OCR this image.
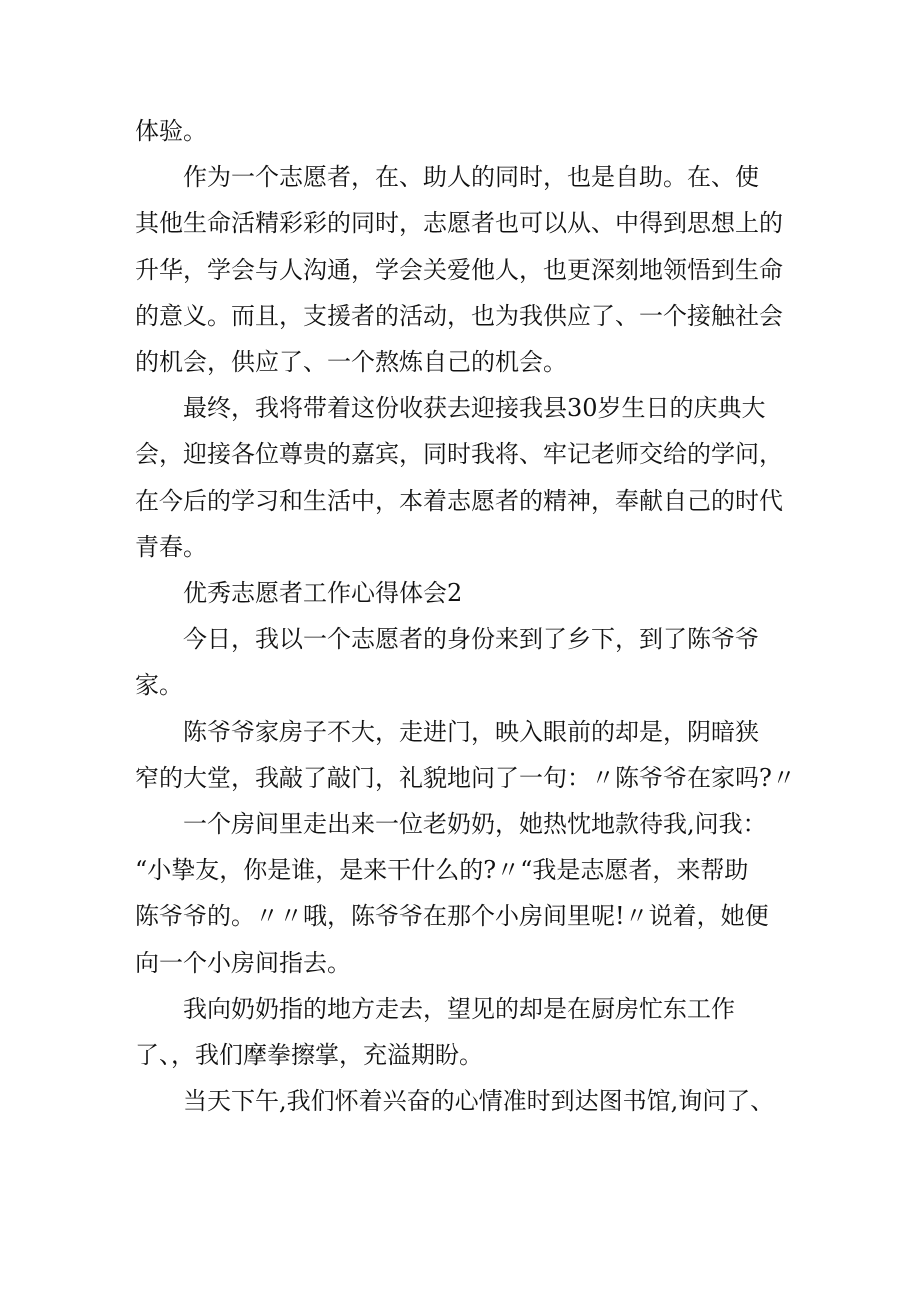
体验。

作为一个志愿者，在、助人的同时，也是自助。在、使
其他生命活精彩彩的同时，志愿者也可以从、中得到思想上的
升华，学会与人沟通，学会关爱他人，也更深刻地领悟到生命
的意义。而且，支援者的活动，也为我供应了、一个接触社会
的机会，供应了、一个熬炼自己的机会。

最终，我将带着这份收获去迎接我县30岁生日的庆典大
会，迎接各位尊贵的嘉宾，同时我将、牢记老师交给的学问，
在今后的学习和生活中，本着志愿者的精神，奉献自己的时代
青春。

优秀志愿者工作心得体会2

今日，我以一个志愿者的身份来到了乡下，到了陈爷爷
家。

陈爷爷家房子不大，走进门，映入眼前的却是，阴暗狭
窄的大堂，我敲了敲门，礼貌地问了一句：〃陈爷爷在家吗?〃

一个房间里走出来一位老奶奶，她热忱地款待我,问我：
“小挚友，你是谁，是来干什么的?〃“我是志愿者，来帮助
陈爷爷的。〃〃哦，陈爷爷在那个小房间里呢!〃说着，她便
向一个小房间指去。

我向奶奶指的地方走去，望见的却是在厨房忙东工作
了、，我们摩拳擦掌，充溢期盼。

当天下午,我们怀着兴奋的心情准时到达图书馆,询问了、
